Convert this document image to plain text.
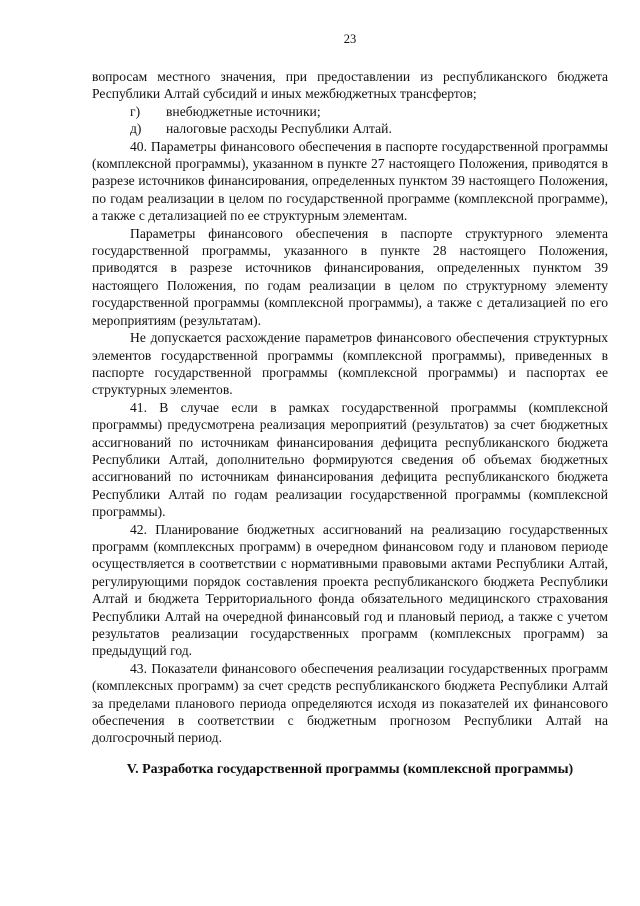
23

вопросам местного значения, при предоставлении из республиканского бюджета Республики Алтай субсидий и иных межбюджетных трансфертов;

г)	внебюджетные источники;
д)	налоговые расходы Республики Алтай.

40. Параметры финансового обеспечения в паспорте государственной программы (комплексной программы), указанном в пункте 27 настоящего Положения, приводятся в разрезе источников финансирования, определенных пунктом 39 настоящего Положения, по годам реализации в целом по государственной программе (комплексной программе), а также с детализацией по ее структурным элементам.

Параметры финансового обеспечения в паспорте структурного элемента государственной программы, указанного в пункте 28 настоящего Положения, приводятся в разрезе источников финансирования, определенных пунктом 39 настоящего Положения, по годам реализации в целом по структурному элементу государственной программы (комплексной программы), а также с детализацией по его мероприятиям (результатам).

Не допускается расхождение параметров финансового обеспечения структурных элементов государственной программы (комплексной программы), приведенных в паспорте государственной программы (комплексной программы) и паспортах ее структурных элементов.

41. В случае если в рамках государственной программы (комплексной программы) предусмотрена реализация мероприятий (результатов) за счет бюджетных ассигнований по источникам финансирования дефицита республиканского бюджета Республики Алтай, дополнительно формируются сведения об объемах бюджетных ассигнований по источникам финансирования дефицита республиканского бюджета Республики Алтай по годам реализации государственной программы (комплексной программы).

42. Планирование бюджетных ассигнований на реализацию государственных программ (комплексных программ) в очередном финансовом году и плановом периоде осуществляется в соответствии с нормативными правовыми актами Республики Алтай, регулирующими порядок составления проекта республиканского бюджета Республики Алтай и бюджета Территориального фонда обязательного медицинского страхования Республики Алтай на очередной финансовый год и плановый период, а также с учетом результатов реализации государственных программ (комплексных программ) за предыдущий год.

43. Показатели финансового обеспечения реализации государственных программ (комплексных программ) за счет средств республиканского бюджета Республики Алтай за пределами планового периода определяются исходя из показателей их финансового обеспечения в соответствии с бюджетным прогнозом Республики Алтай на долгосрочный период.

V. Разработка государственной программы (комплексной программы)
